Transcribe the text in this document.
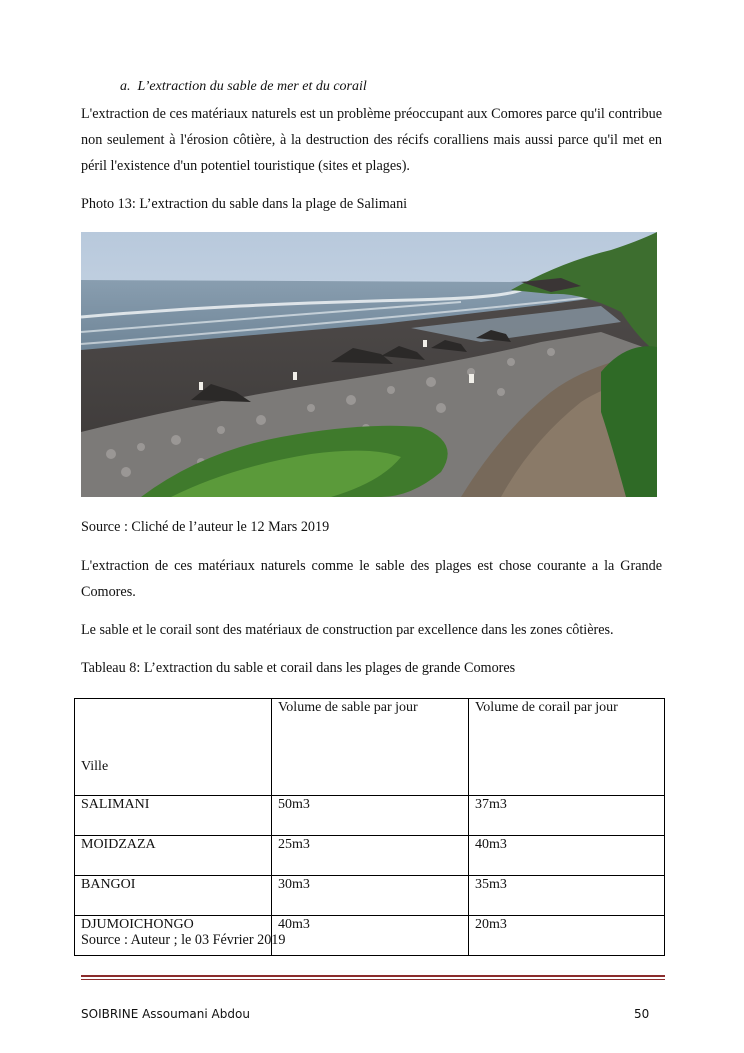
a. L’extraction du sable de mer et du corail

L'extraction de ces matériaux naturels est un problème préoccupant aux Comores parce qu'il contribue non seulement à l'érosion côtière, à la destruction des récifs coralliens mais aussi parce qu'il met en péril l'existence d'un potentiel touristique (sites et plages).

Photo 13: L’extraction du sable dans la plage de Salimani
Source : Cliché de l’auteur le 12 Mars 2019

L'extraction de ces matériaux naturels comme le sable des plages est chose courante a la Grande Comores.

Le sable et le corail sont des matériaux de construction par excellence dans les zones côtières.
Tableau 8: L’extraction du sable et corail dans les plages de grande Comores
Ville	Volume de sable par jour	Volume de corail par jour
SALIMANI	50m3	37m3
MOIDZAZA	25m3	40m3
BANGOI	30m3	35m3
DJUMOICHONGO	40m3	20m3
Source : Auteur ; le 03 Février 2019
SOIBRINE Assoumani Abdou	50
